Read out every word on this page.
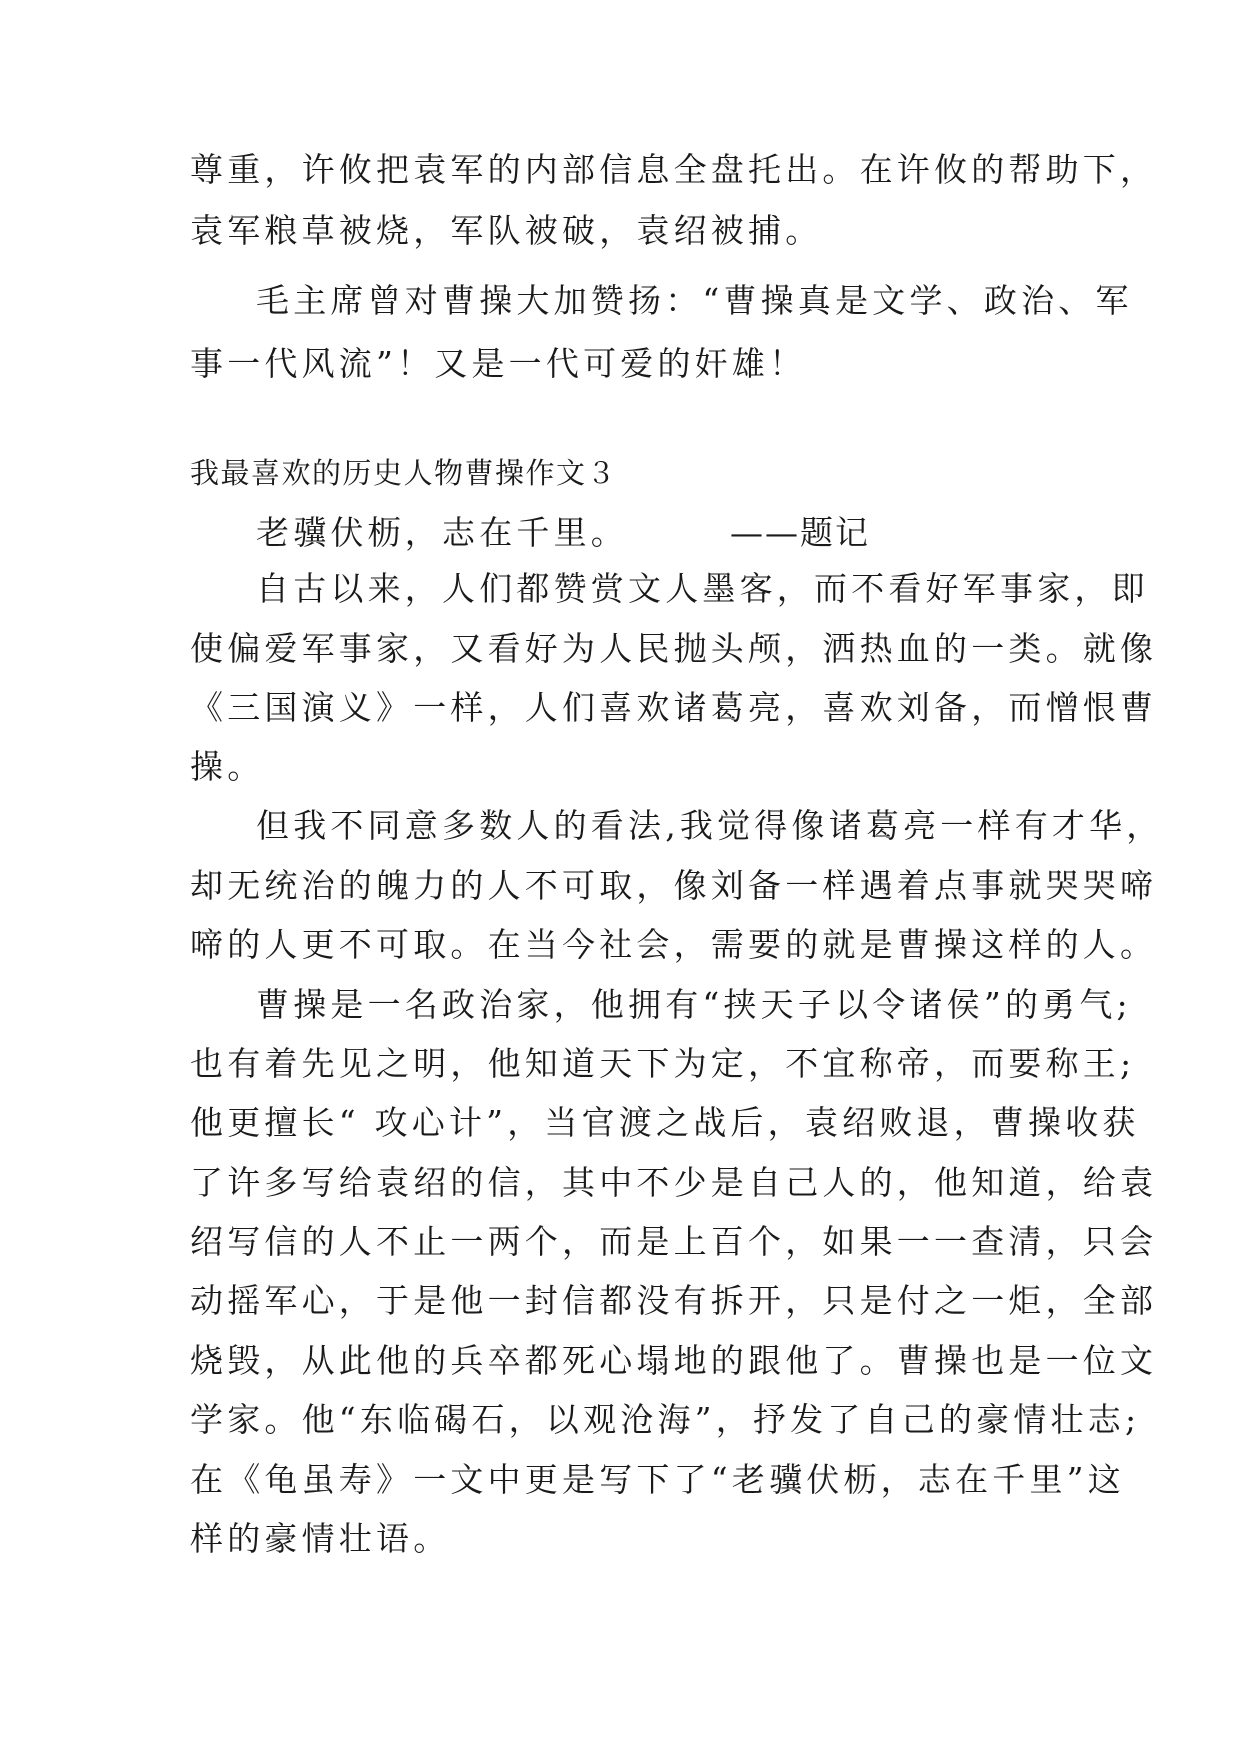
尊重，许攸把袁军的内部信息全盘托出。在许攸的帮助下，
袁军粮草被烧，军队被破，袁绍被捕。
毛主席曾对曹操大加赞扬：“曹操真是文学、政治、军
事一代风流”！又是一代可爱的奸雄！
我最喜欢的历史人物曹操作文３
老骥伏枥，志在千里。	——题记
自古以来，人们都赞赏文人墨客，而不看好军事家，即
使偏爱军事家，又看好为人民抛头颅，洒热血的一类。就像
《三国演义》一样，人们喜欢诸葛亮，喜欢刘备，而憎恨曹
操。
但我不同意多数人的看法,我觉得像诸葛亮一样有才华，
却无统治的魄力的人不可取，像刘备一样遇着点事就哭哭啼
啼的人更不可取。在当今社会，需要的就是曹操这样的人。
曹操是一名政治家，他拥有“挟天子以令诸侯”的勇气;
也有着先见之明，他知道天下为定，不宜称帝，而要称王;
他更擅长“ 攻心计”，当官渡之战后，袁绍败退，曹操收获
了许多写给袁绍的信，其中不少是自己人的，他知道，给袁
绍写信的人不止一两个，而是上百个，如果一一查清，只会
动摇军心，于是他一封信都没有拆开，只是付之一炬，全部
烧毁，从此他的兵卒都死心塌地的跟他了。曹操也是一位文
学家。他“东临碣石，以观沧海”，抒发了自己的豪情壮志;
在《龟虽寿》一文中更是写下了“老骥伏枥，志在千里”这
样的豪情壮语。
